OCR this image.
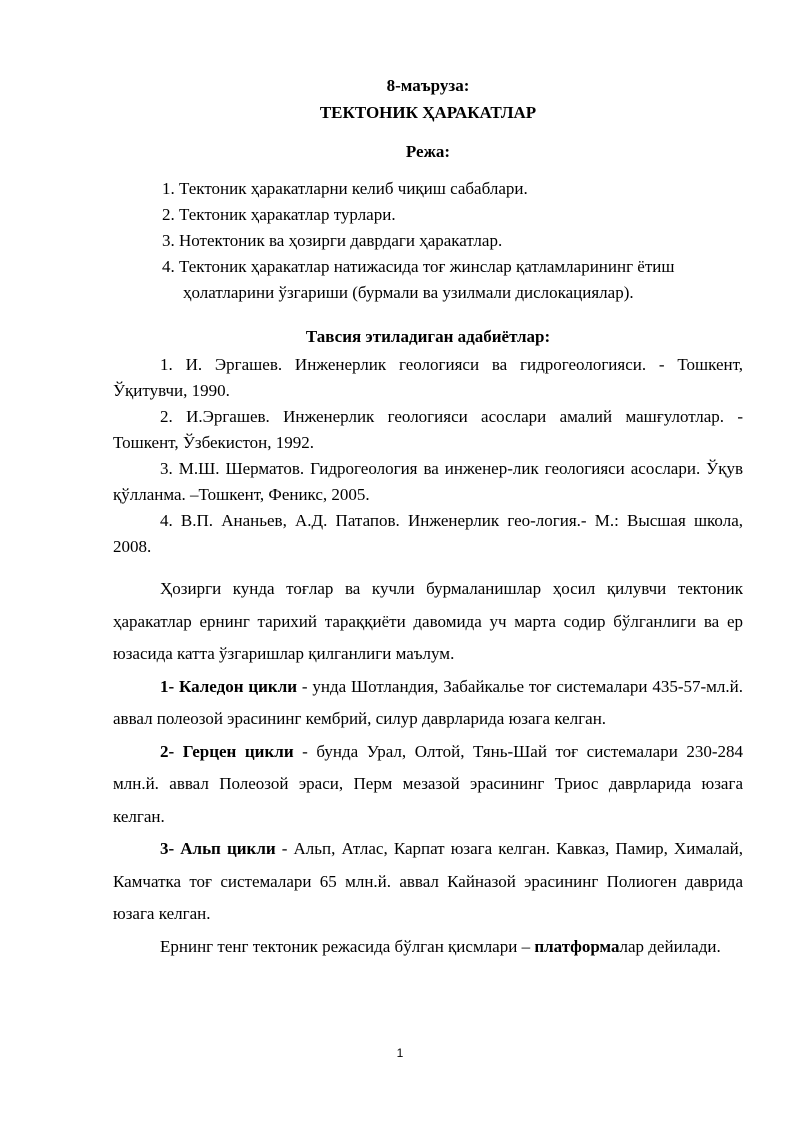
8-маъруза:
ТЕКТОНИК ҲАРАКАТЛАР
Режа:
1. Тектоник ҳаракатларни келиб чиқиш сабаблари.
2. Тектоник ҳаракатлар турлари.
3. Нотектоник ва ҳозирги даврдаги ҳаракатлар.
4. Тектоник ҳаракатлар натижасида тоғ жинслар қатламларининг ётиш ҳолатларини ўзгариши (бурмали ва узилмали дислокациялар).
Тавсия этиладиган адабиётлар:

1. И. Эргашев. Инженерлик геологияси ва гидрогеологияси. - Тошкент, Ўқитувчи, 1990.

2. И.Эргашев. Инженерлик геологияси асослари амалий машғулотлар. - Тошкент, Ўзбекистон, 1992.

3. М.Ш. Шерматов. Гидрогеология ва инженер-лик геологияси асослари. Ўқув қўлланма. –Тошкент, Феникс, 2005.

4. В.П. Ананьев, А.Д. Патапов. Инженерлик гео-логия.- М.: Высшая школа, 2008.

Ҳозирги кунда тоғлар ва кучли бурмаланишлар ҳосил қилувчи тектоник ҳаракатлар ернинг тарихий тараққиёти давомида уч марта содир бўлганлиги ва ер юзасида катта ўзгаришлар қилганлиги маълум.

1- Каледон цикли - унда Шотландия, Забайкалье тоғ системалари 435-57-мл.й. аввал полеозой эрасининг кембрий, силур даврларида юзага келган.

2- Герцен цикли - бунда Урал, Олтой, Тянь-Шай тоғ системалари 230-284 млн.й. аввал Полеозой эраси, Перм мезазой эрасининг Триос даврларида юзага келган.

3- Альп цикли - Альп, Атлас, Карпат юзага келган. Кавказ, Памир, Хималай, Камчатка тоғ системалари 65 млн.й. аввал Кайназой эрасининг Полиоген даврида юзага келган.

Ернинг тенг тектоник режасида бўлган қисмлари – платформалар дейилади.

1
